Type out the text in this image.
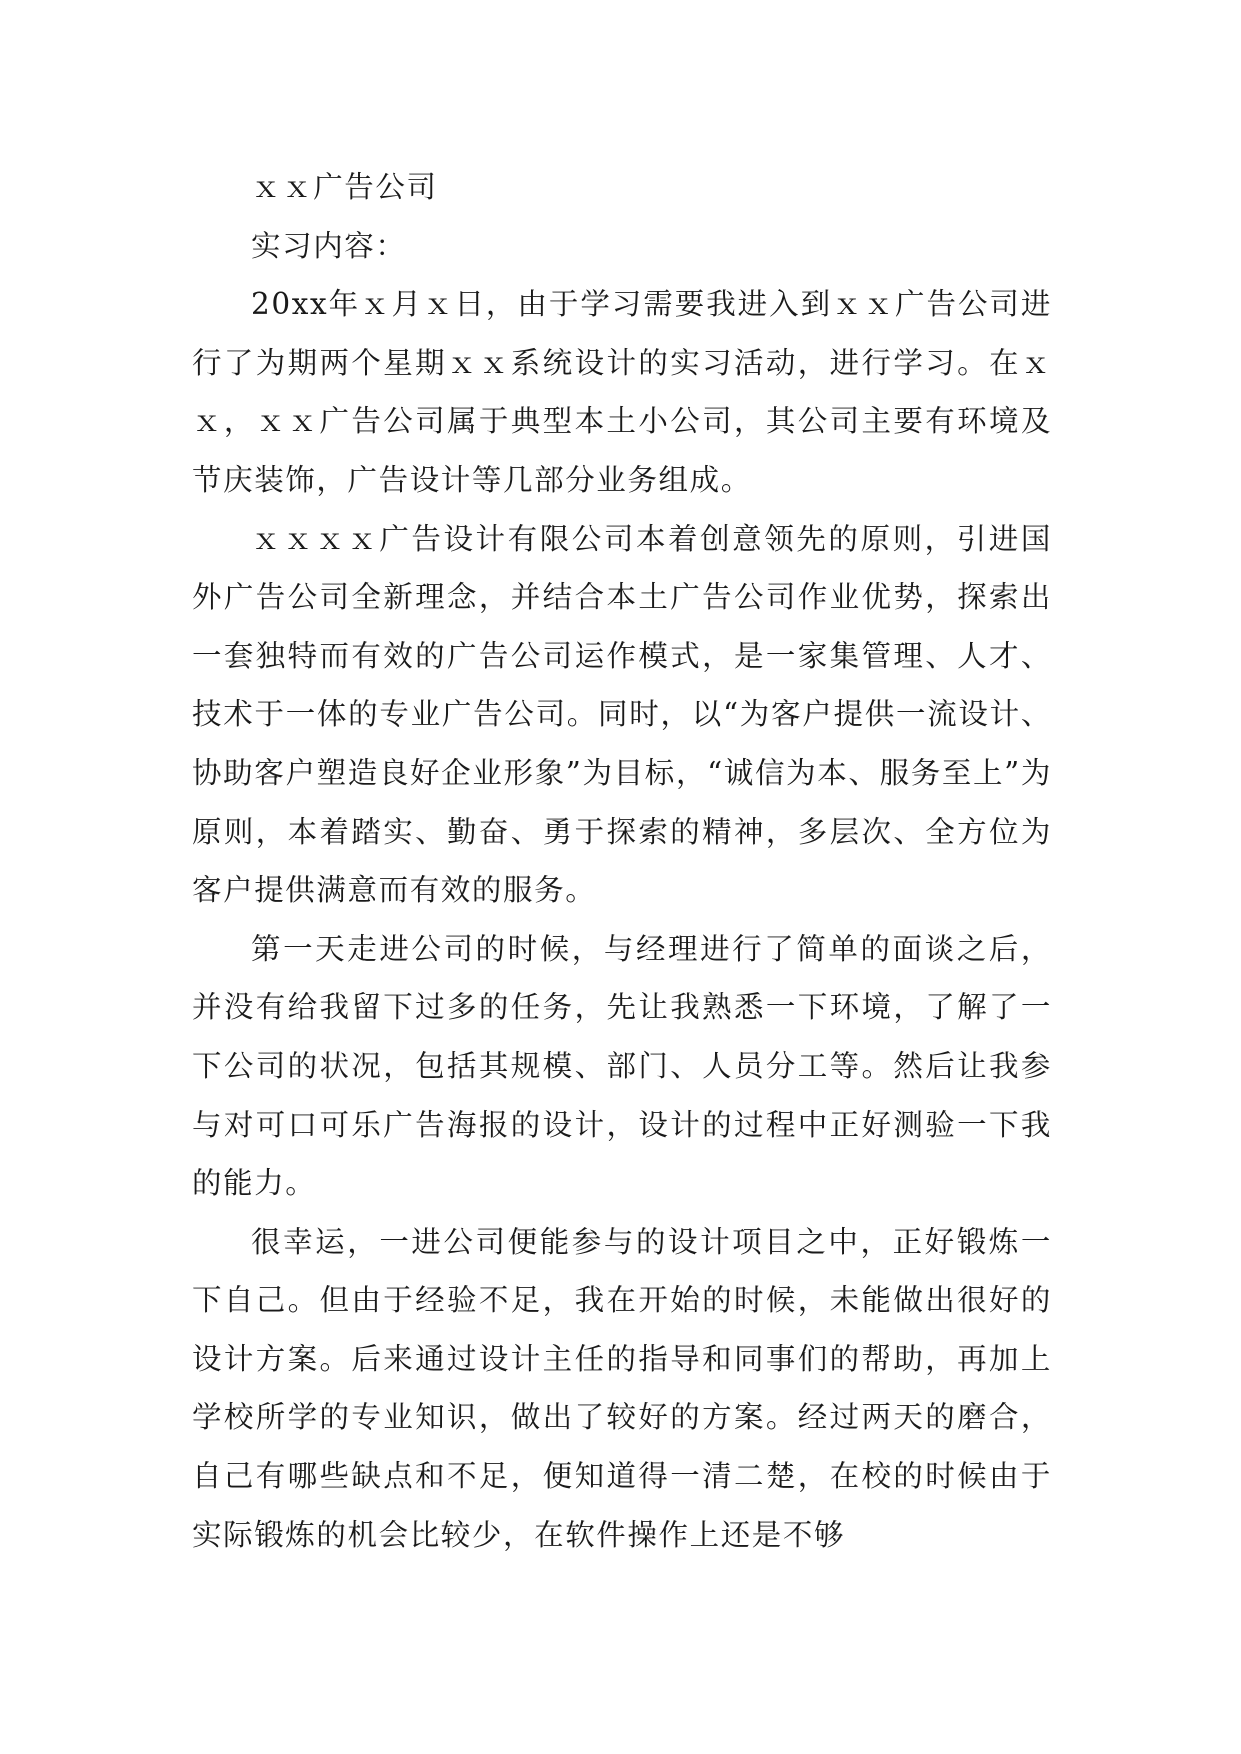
ｘｘ广告公司

实习内容：

20xx年ｘ月ｘ日，由于学习需要我进入到ｘｘ广告公司进行了为期两个星期ｘｘ系统设计的实习活动，进行学习。在ｘｘ，ｘｘ广告公司属于典型本土小公司，其公司主要有环境及节庆装饰，广告设计等几部分业务组成。

ｘｘｘｘ广告设计有限公司本着创意领先的原则，引进国外广告公司全新理念，并结合本土广告公司作业优势，探索出一套独特而有效的广告公司运作模式，是一家集管理、人才、技术于一体的专业广告公司。同时，以“为客户提供一流设计、协助客户塑造良好企业形象”为目标，“诚信为本、服务至上”为原则，本着踏实、勤奋、勇于探索的精神，多层次、全方位为客户提供满意而有效的服务。

第一天走进公司的时候，与经理进行了简单的面谈之后，并没有给我留下过多的任务，先让我熟悉一下环境，了解了一下公司的状况，包括其规模、部门、人员分工等。然后让我参与对可口可乐广告海报的设计，设计的过程中正好测验一下我的能力。

很幸运，一进公司便能参与的设计项目之中，正好锻炼一下自己。但由于经验不足，我在开始的时候，未能做出很好的设计方案。后来通过设计主任的指导和同事们的帮助，再加上学校所学的专业知识，做出了较好的方案。经过两天的磨合，自己有哪些缺点和不足，便知道得一清二楚，在校的时候由于实际锻炼的机会比较少，在软件操作上还是不够
